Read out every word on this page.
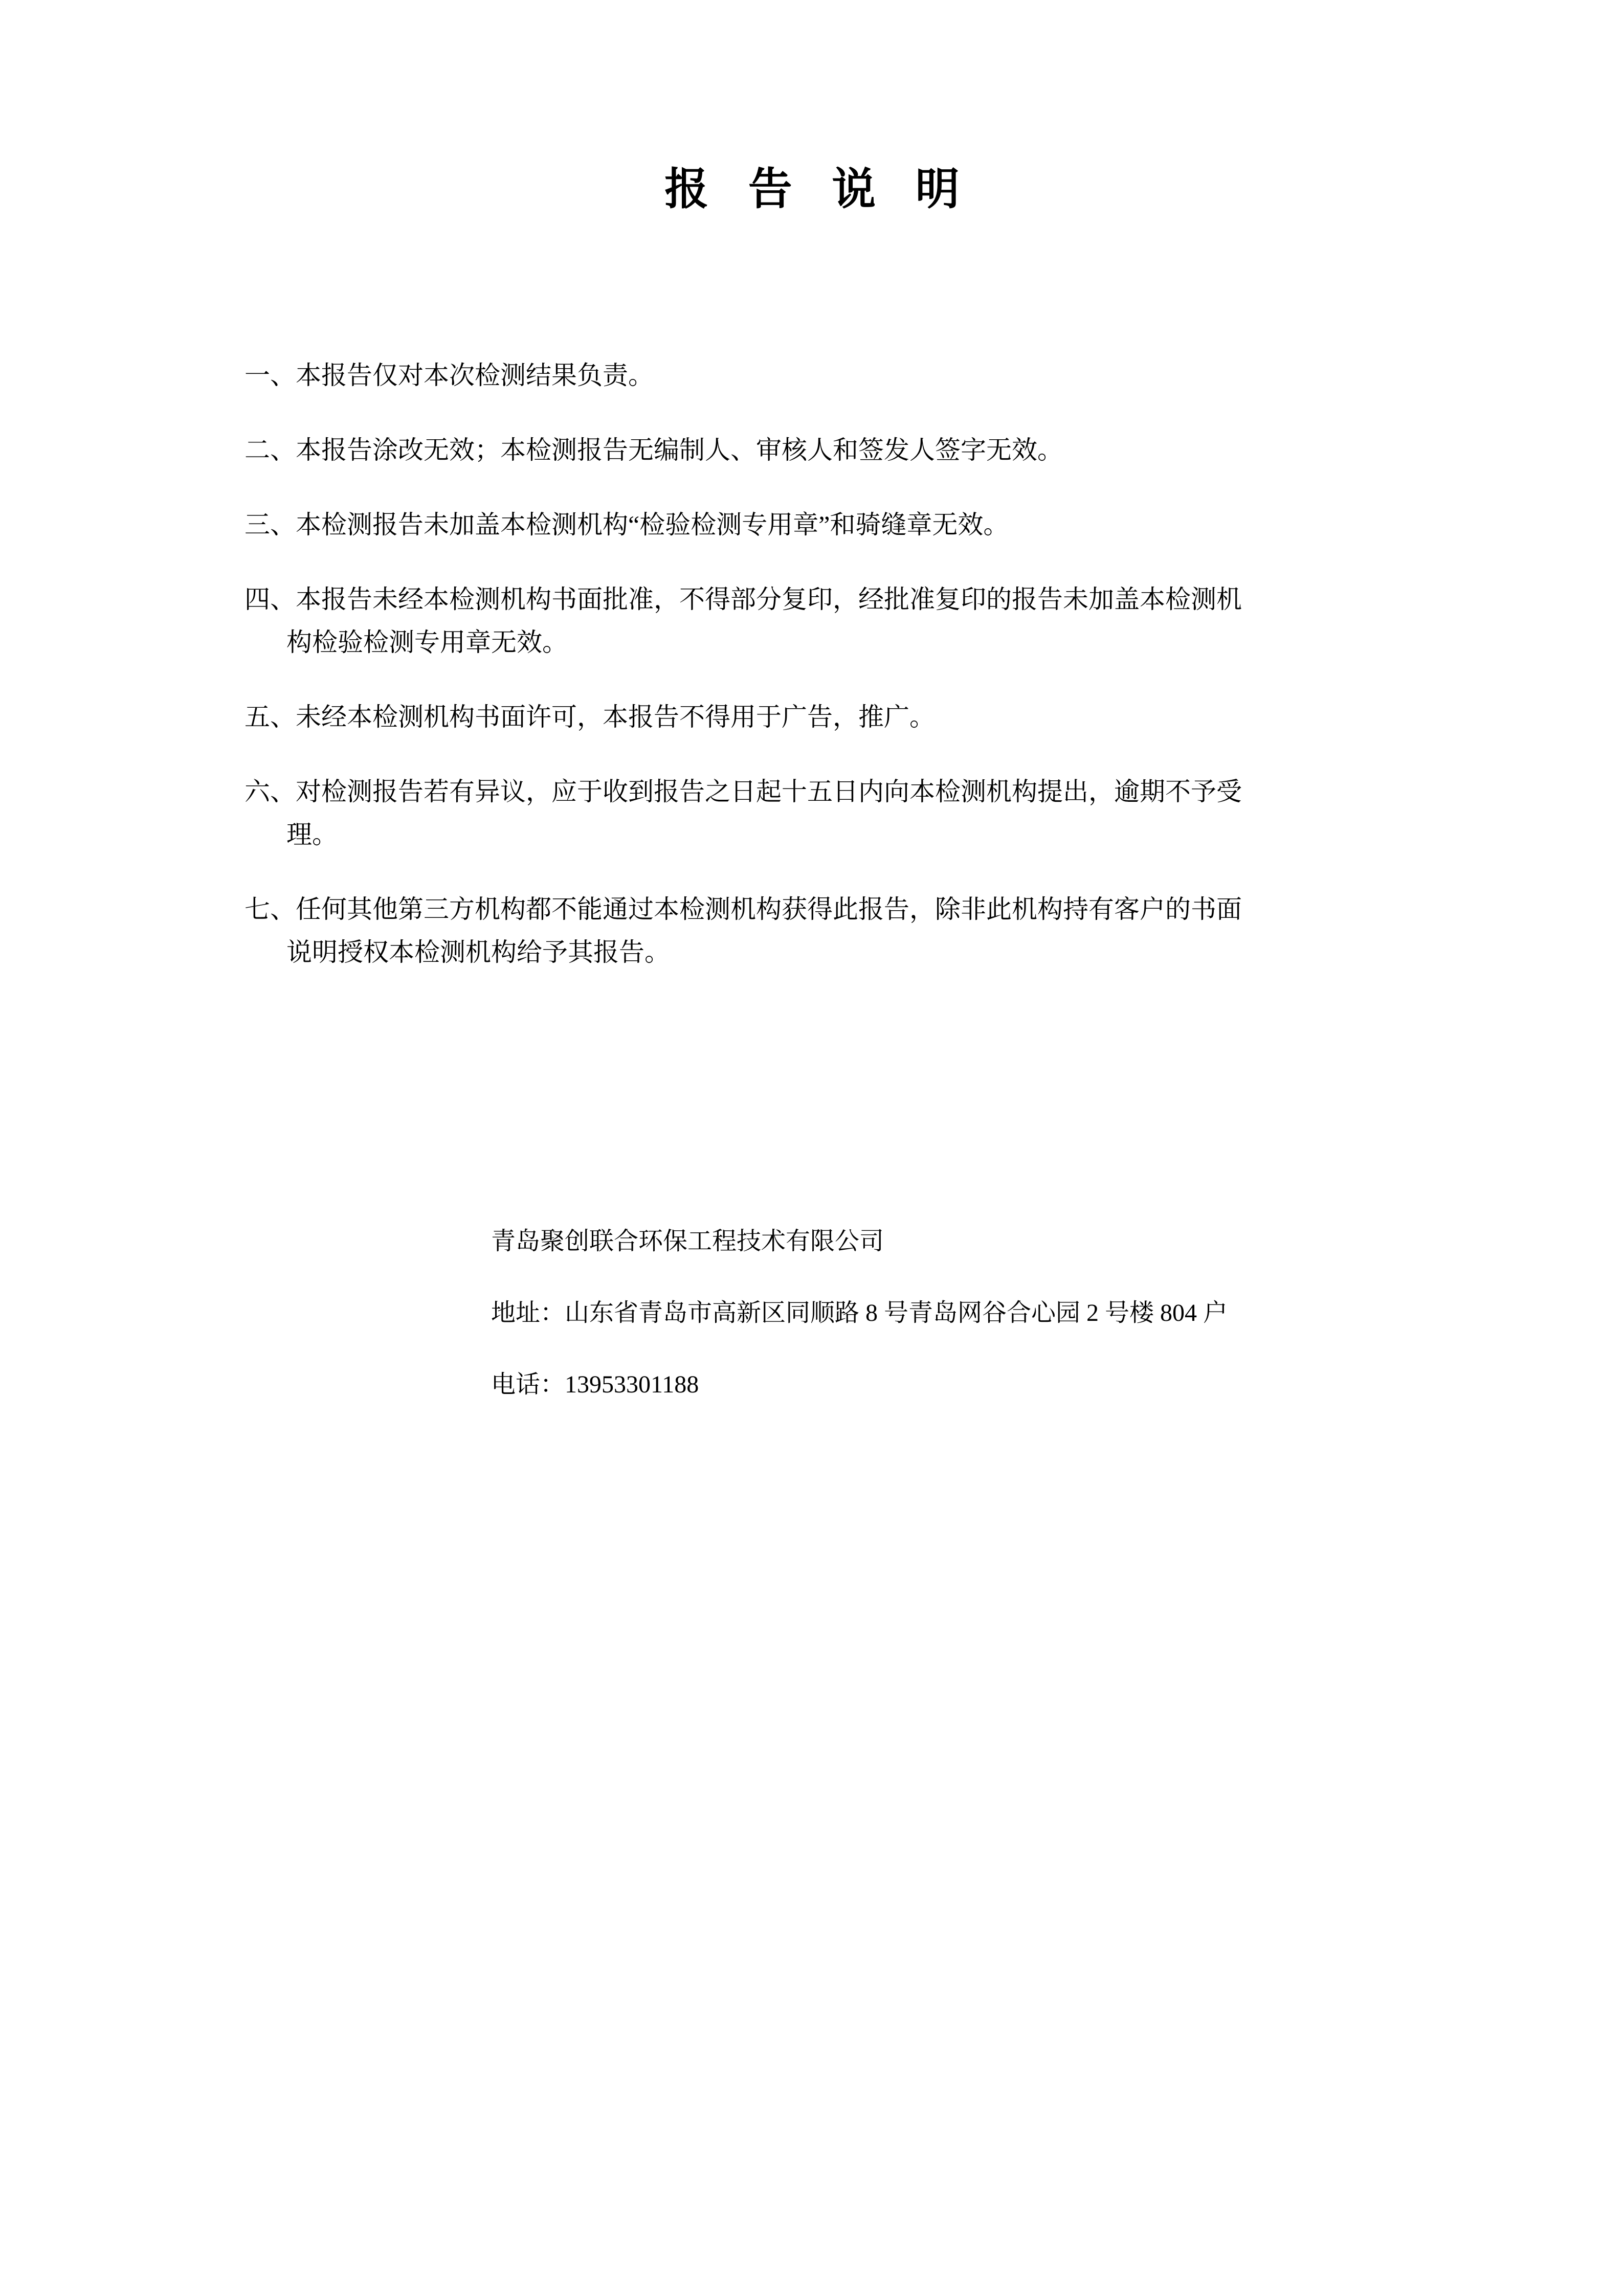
报 告 说 明

一、本报告仅对本次检测结果负责。

二、本报告涂改无效；本检测报告无编制人、审核人和签发人签字无效。

三、本检测报告未加盖本检测机构“检验检测专用章”和骑缝章无效。

四、本报告未经本检测机构书面批准，不得部分复印，经批准复印的报告未加盖本检测机
构检验检测专用章无效。

五、未经本检测机构书面许可，本报告不得用于广告，推广。

六、对检测报告若有异议，应于收到报告之日起十五日内向本检测机构提出，逾期不予受
理。

七、任何其他第三方机构都不能通过本检测机构获得此报告，除非此机构持有客户的书面
说明授权本检测机构给予其报告。

青岛聚创联合环保工程技术有限公司
地址：山东省青岛市高新区同顺路 8 号青岛网谷合心园 2 号楼 804 户
电话：13953301188
